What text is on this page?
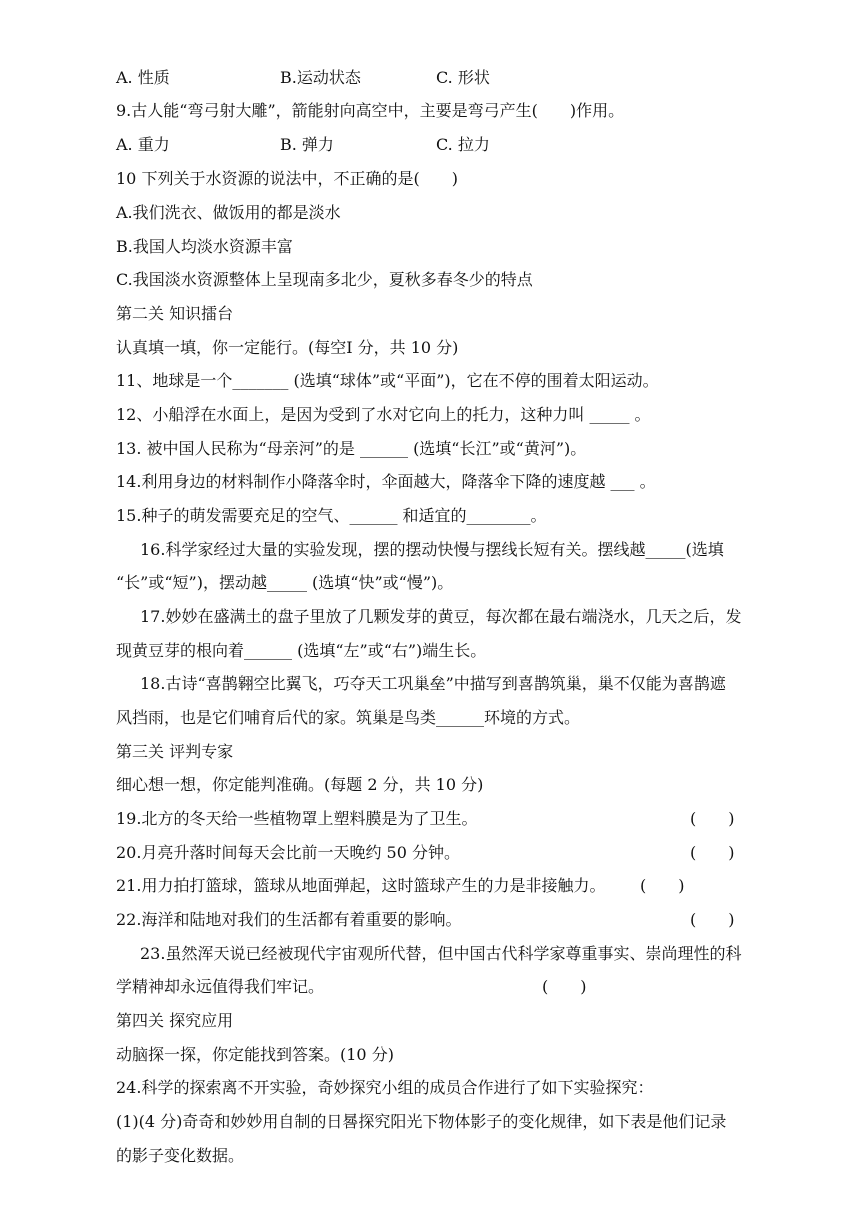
A. 性质	B.运动状态	C. 形状
9.古人能“弯弓射大雕”，箭能射向高空中，主要是弯弓产生(　　)作用。
A. 重力	B. 弹力	C. 拉力
10 下列关于水资源的说法中，不正确的是(　　)
A.我们洗衣、做饭用的都是淡水
B.我国人均淡水资源丰富
C.我国淡水资源整体上呈现南多北少，夏秋多春冬少的特点
第二关 知识擂台
认真填一填，你一定能行。(每空Ⅰ 分，共 10 分)
11、地球是一个_______ (选填“球体”或“平面”)，它在不停的围着太阳运动。
12、小船浮在水面上，是因为受到了水对它向上的托力，这种力叫 _____ 。
13. 被中国人民称为“母亲河”的是 ______ (选填“长江”或“黄河”)。
14.利用身边的材料制作小降落伞时，伞面越大，降落伞下降的速度越 ___ 。
15.种子的萌发需要充足的空气、______ 和适宜的________。
16.科学家经过大量的实验发现，摆的摆动快慢与摆线长短有关。摆线越_____(选填
“长”或“短”)，摆动越_____ (选填“快”或“慢”)。
17.妙妙在盛满土的盘子里放了几颗发芽的黄豆，每次都在最右端浇水，几天之后，发
现黄豆芽的根向着______ (选填“左”或“右”)端生长。
18.古诗“喜鹊翱空比翼飞，巧夺天工巩巢垒”中描写到喜鹊筑巢，巢不仅能为喜鹊遮
风挡雨，也是它们哺育后代的家。筑巢是鸟类______环境的方式。
第三关 评判专家
细心想一想，你定能判准确。(每题 2 分，共 10 分)
19.北方的冬天给一些植物罩上塑料膜是为了卫生。	(　　)
20.月亮升落时间每天会比前一天晚约 50 分钟。	(　　)
21.用力拍打篮球，篮球从地面弹起，这时篮球产生的力是非接触力。 (　　)
22.海洋和陆地对我们的生活都有着重要的影响。	(　　)
23.虽然浑天说已经被现代宇宙观所代替，但中国古代科学家尊重事实、崇尚理性的科
学精神却永远值得我们牢记。	(　　)
第四关 探究应用
动脑探一探，你定能找到答案。(10 分)
24.科学的探索离不开实验，奇妙探究小组的成员合作进行了如下实验探究：
(1)(4 分)奇奇和妙妙用自制的日晷探究阳光下物体影子的变化规律，如下表是他们记录
的影子变化数据。
